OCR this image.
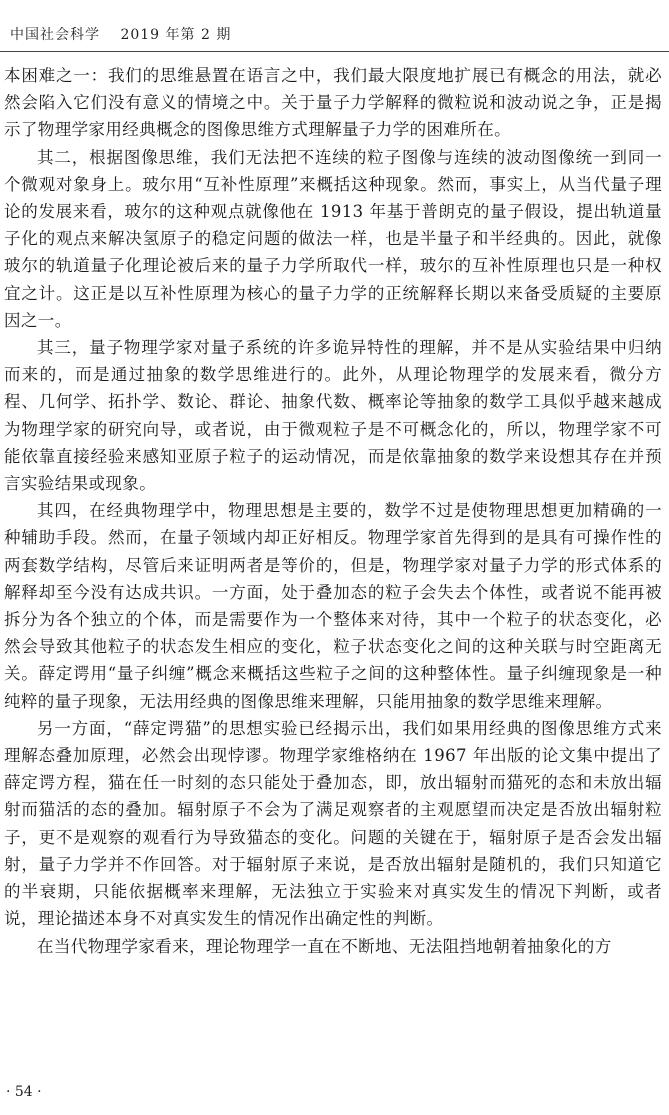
中国社会科学 　2019 年第 2 期

本困难之一：我们的思维悬置在语言之中，我们最大限度地扩展已有概念的用法，就必然会陷入它们没有意义的情境之中。关于量子力学解释的微粒说和波动说之争，正是揭示了物理学家用经典概念的图像思维方式理解量子力学的困难所在。

其二，根据图像思维，我们无法把不连续的粒子图像与连续的波动图像统一到同一个微观对象身上。玻尔用“互补性原理”来概括这种现象。然而，事实上，从当代量子理论的发展来看，玻尔的这种观点就像他在 1913 年基于普朗克的量子假设，提出轨道量子化的观点来解决氢原子的稳定问题的做法一样，也是半量子和半经典的。因此，就像玻尔的轨道量子化理论被后来的量子力学所取代一样，玻尔的互补性原理也只是一种权宜之计。这正是以互补性原理为核心的量子力学的正统解释长期以来备受质疑的主要原因之一。

其三，量子物理学家对量子系统的许多诡异特性的理解，并不是从实验结果中归纳而来的，而是通过抽象的数学思维进行的。此外，从理论物理学的发展来看，微分方程、几何学、拓扑学、数论、群论、抽象代数、概率论等抽象的数学工具似乎越来越成为物理学家的研究向导，或者说，由于微观粒子是不可概念化的，所以，物理学家不可能依靠直接经验来感知亚原子粒子的运动情况，而是依靠抽象的数学来设想其存在并预言实验结果或现象。

其四，在经典物理学中，物理思想是主要的，数学不过是使物理思想更加精确的一种辅助手段。然而，在量子领域内却正好相反。物理学家首先得到的是具有可操作性的两套数学结构，尽管后来证明两者是等价的，但是，物理学家对量子力学的形式体系的解释却至今没有达成共识。一方面，处于叠加态的粒子会失去个体性，或者说不能再被拆分为各个独立的个体，而是需要作为一个整体来对待，其中一个粒子的状态变化，必然会导致其他粒子的状态发生相应的变化，粒子状态变化之间的这种关联与时空距离无关。薛定谔用“量子纠缠”概念来概括这些粒子之间的这种整体性。量子纠缠现象是一种纯粹的量子现象，无法用经典的图像思维来理解，只能用抽象的数学思维来理解。

另一方面，“薛定谔猫”的思想实验已经揭示出，我们如果用经典的图像思维方式来理解态叠加原理，必然会出现悖谬。物理学家维格纳在 1967 年出版的论文集中提出了薛定谔方程，猫在任一时刻的态只能处于叠加态，即，放出辐射而猫死的态和未放出辐射而猫活的态的叠加。辐射原子不会为了满足观察者的主观愿望而决定是否放出辐射粒子，更不是观察的观看行为导致猫态的变化。问题的关键在于，辐射原子是否会发出辐射，量子力学并不作回答。对于辐射原子来说，是否放出辐射是随机的，我们只知道它的半衰期，只能依据概率来理解，无法独立于实验来对真实发生的情况下判断，或者说，理论描述本身不对真实发生的情况作出确定性的判断。

在当代物理学家看来，理论物理学一直在不断地、无法阻挡地朝着抽象化的方

· 54 ·
